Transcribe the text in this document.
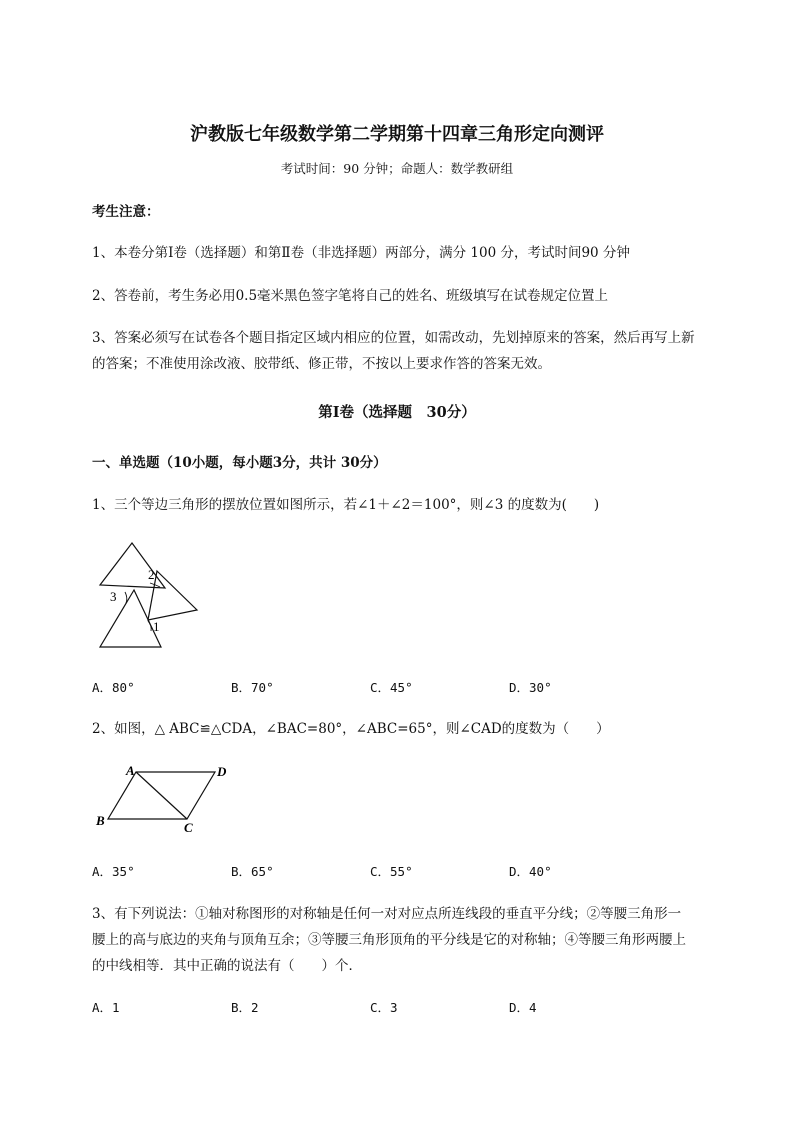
沪教版七年级数学第二学期第十四章三角形定向测评
考试时间：90 分钟；命题人：数学教研组
考生注意：
1、本卷分第Ⅰ卷（选择题）和第Ⅱ卷（非选择题）两部分，满分 100 分，考试时间90 分钟
2、答卷前，考生务必用0.5毫米黑色签字笔将自己的姓名、班级填写在试卷规定位置上
3、答案必须写在试卷各个题目指定区域内相应的位置，如需改动，先划掉原来的答案，然后再写上新
的答案；不准使用涂改液、胶带纸、修正带，不按以上要求作答的答案无效。
第Ⅰ卷（选择题　30分）
一、单选题（10小题，每小题3分，共计 30分）
1、三个等边三角形的摆放位置如图所示，若∠1＋∠2＝100°，则∠3 的度数为(　　)
1
2
3
A．80°	B．70°	C．45°	D．30°
2、如图，△ ABC≌△CDA，∠BAC=80°，∠ABC=65°，则∠CAD的度数为（　　）
A	D
B	C
A．35°	B．65°	C．55°	D．40°
3、有下列说法：①轴对称图形的对称轴是任何一对对应点所连线段的垂直平分线；②等腰三角形一
腰上的高与底边的夹角与顶角互余；③等腰三角形顶角的平分线是它的对称轴；④等腰三角形两腰上
的中线相等．其中正确的说法有（　　）个．
A．1	B．2	C．3	D．4
